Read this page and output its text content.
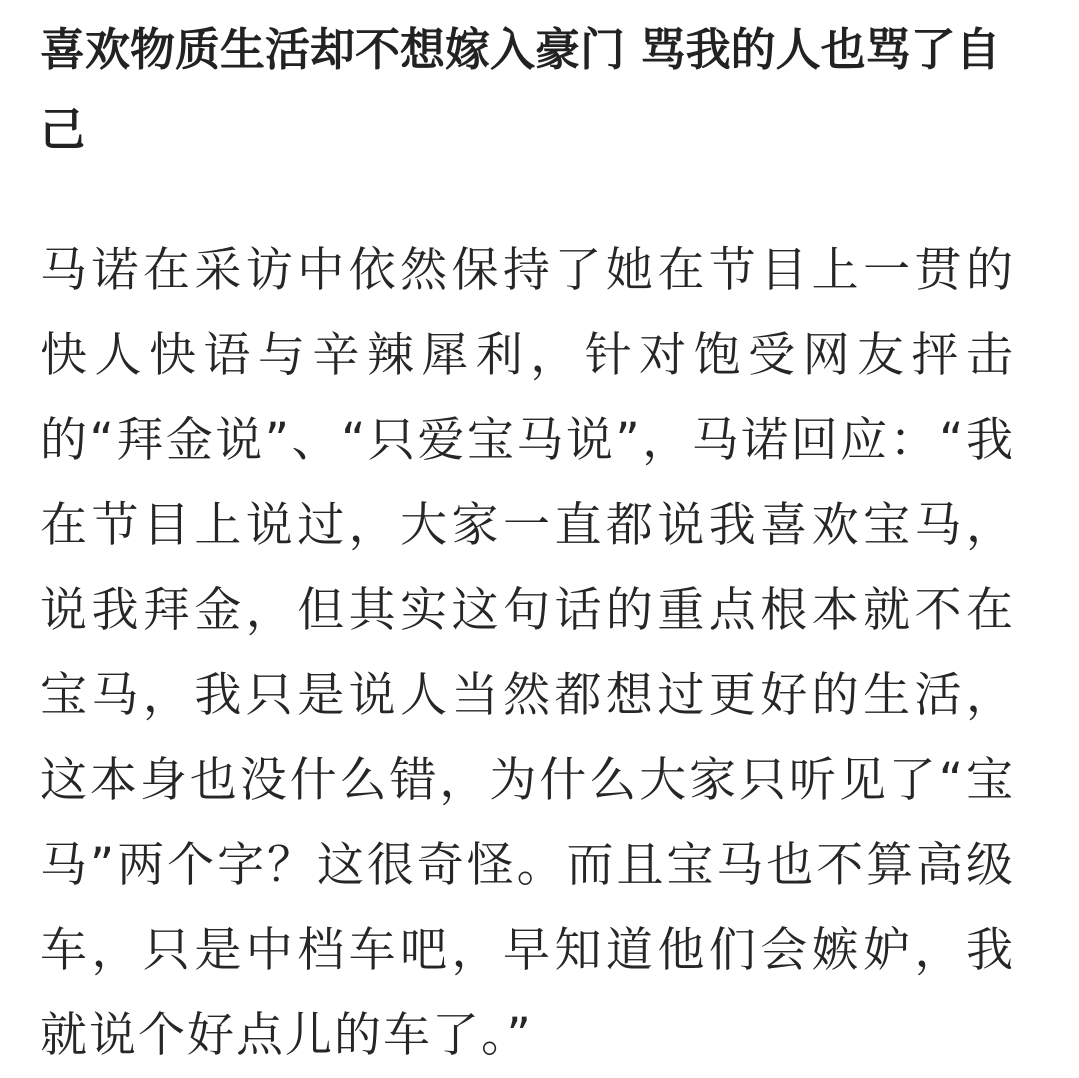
喜欢物质生活却不想嫁入豪门 骂我的人也骂了自己

马诺在采访中依然保持了她在节目上一贯的快人快语与辛辣犀利，针对饱受网友抨击的“拜金说”、“只爱宝马说”，马诺回应：“我在节目上说过，大家一直都说我喜欢宝马，说我拜金，但其实这句话的重点根本就不在宝马，我只是说人当然都想过更好的生活，这本身也没什么错，为什么大家只听见了“宝马”两个字？这很奇怪。而且宝马也不算高级车，只是中档车吧，早知道他们会嫉妒，我就说个好点儿的车了。”
